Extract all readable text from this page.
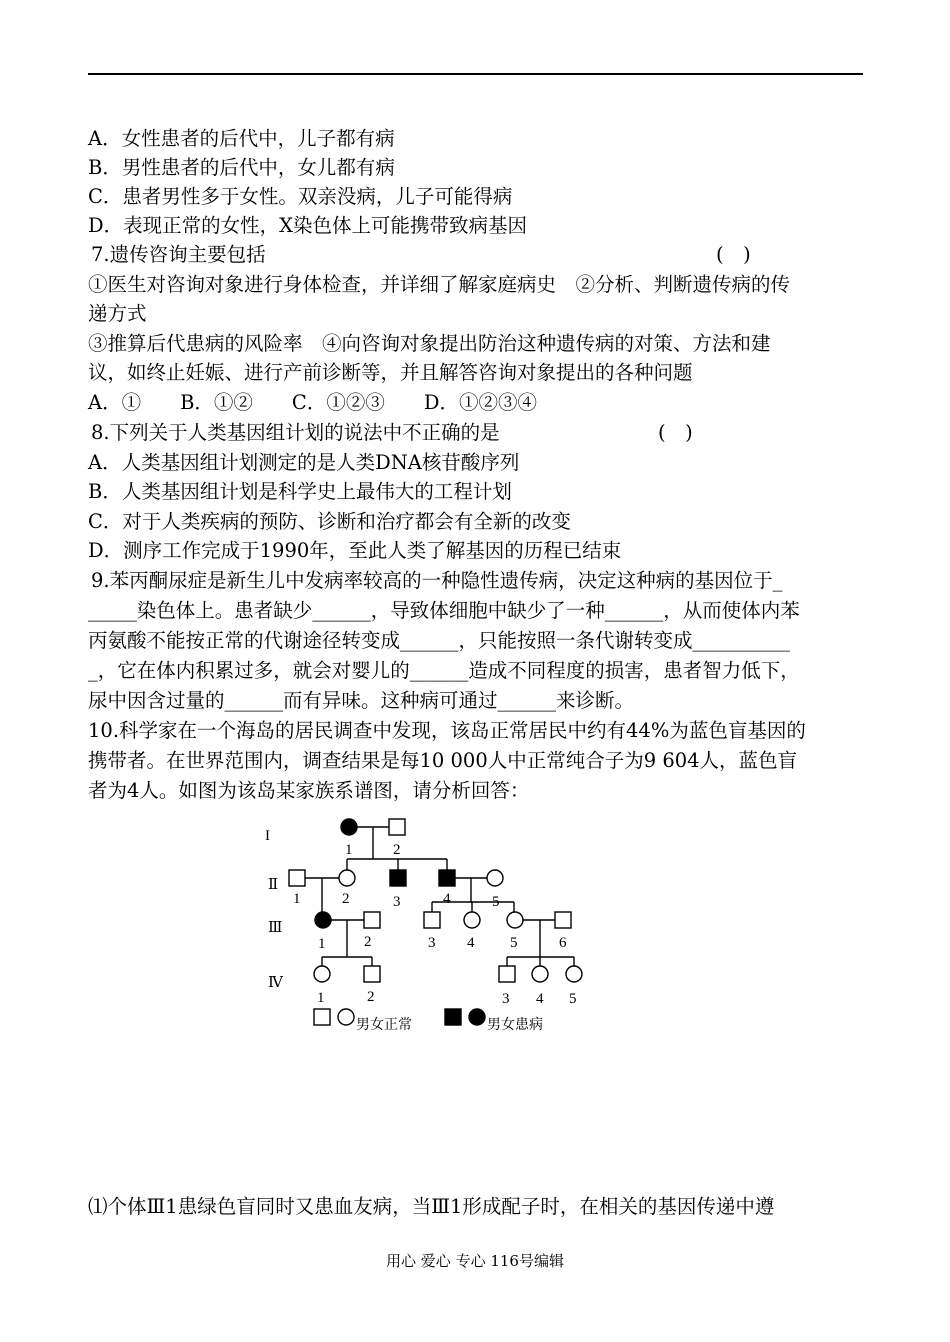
A．女性患者的后代中，儿子都有病
B．男性患者的后代中，女儿都有病
C．患者男性多于女性。双亲没病，儿子可能得病
D．表现正常的女性，X染色体上可能携带致病基因
7.遗传咨询主要包括	(　)
①医生对咨询对象进行身体检查，并详细了解家庭病史　②分析、判断遗传病的传
递方式
③推算后代患病的风险率　④向咨询对象提出防治这种遗传病的对策、方法和建
议，如终止妊娠、进行产前诊断等，并且解答咨询对象提出的各种问题
A．①　　B．①②　　C．①②③　　D．①②③④
8.下列关于人类基因组计划的说法中不正确的是	(　)
A．人类基因组计划测定的是人类DNA核苷酸序列
B．人类基因组计划是科学史上最伟大的工程计划
C．对于人类疾病的预防、诊断和治疗都会有全新的改变
D．测序工作完成于1990年，至此人类了解基因的历程已结束
9.苯丙酮尿症是新生儿中发病率较高的一种隐性遗传病，决定这种病的基因位于_
_____染色体上。患者缺少______，导致体细胞中缺少了一种______，从而使体内苯
丙氨酸不能按正常的代谢途径转变成______，只能按照一条代谢转变成__________
_，它在体内积累过多，就会对婴儿的______造成不同程度的损害，患者智力低下，
尿中因含过量的______而有异味。这种病可通过______来诊断。
10.科学家在一个海岛的居民调查中发现，该岛正常居民中约有44%为蓝色盲基因的
携带者。在世界范围内，调查结果是每10 000人中正常纯合子为9 604人，蓝色盲
者为4人。如图为该岛某家族系谱图，请分析回答：
I
Ⅱ
Ⅲ
Ⅳ
1	2
1	2	3	4	5
1	2	3 4 5	6
1	2	3 4 5
男女正常	男女患病
⑴个体Ⅲ1患绿色盲同时又患血友病，当Ⅲ1形成配子时，在相关的基因传递中遵
用心 爱心 专心 116号编辑
